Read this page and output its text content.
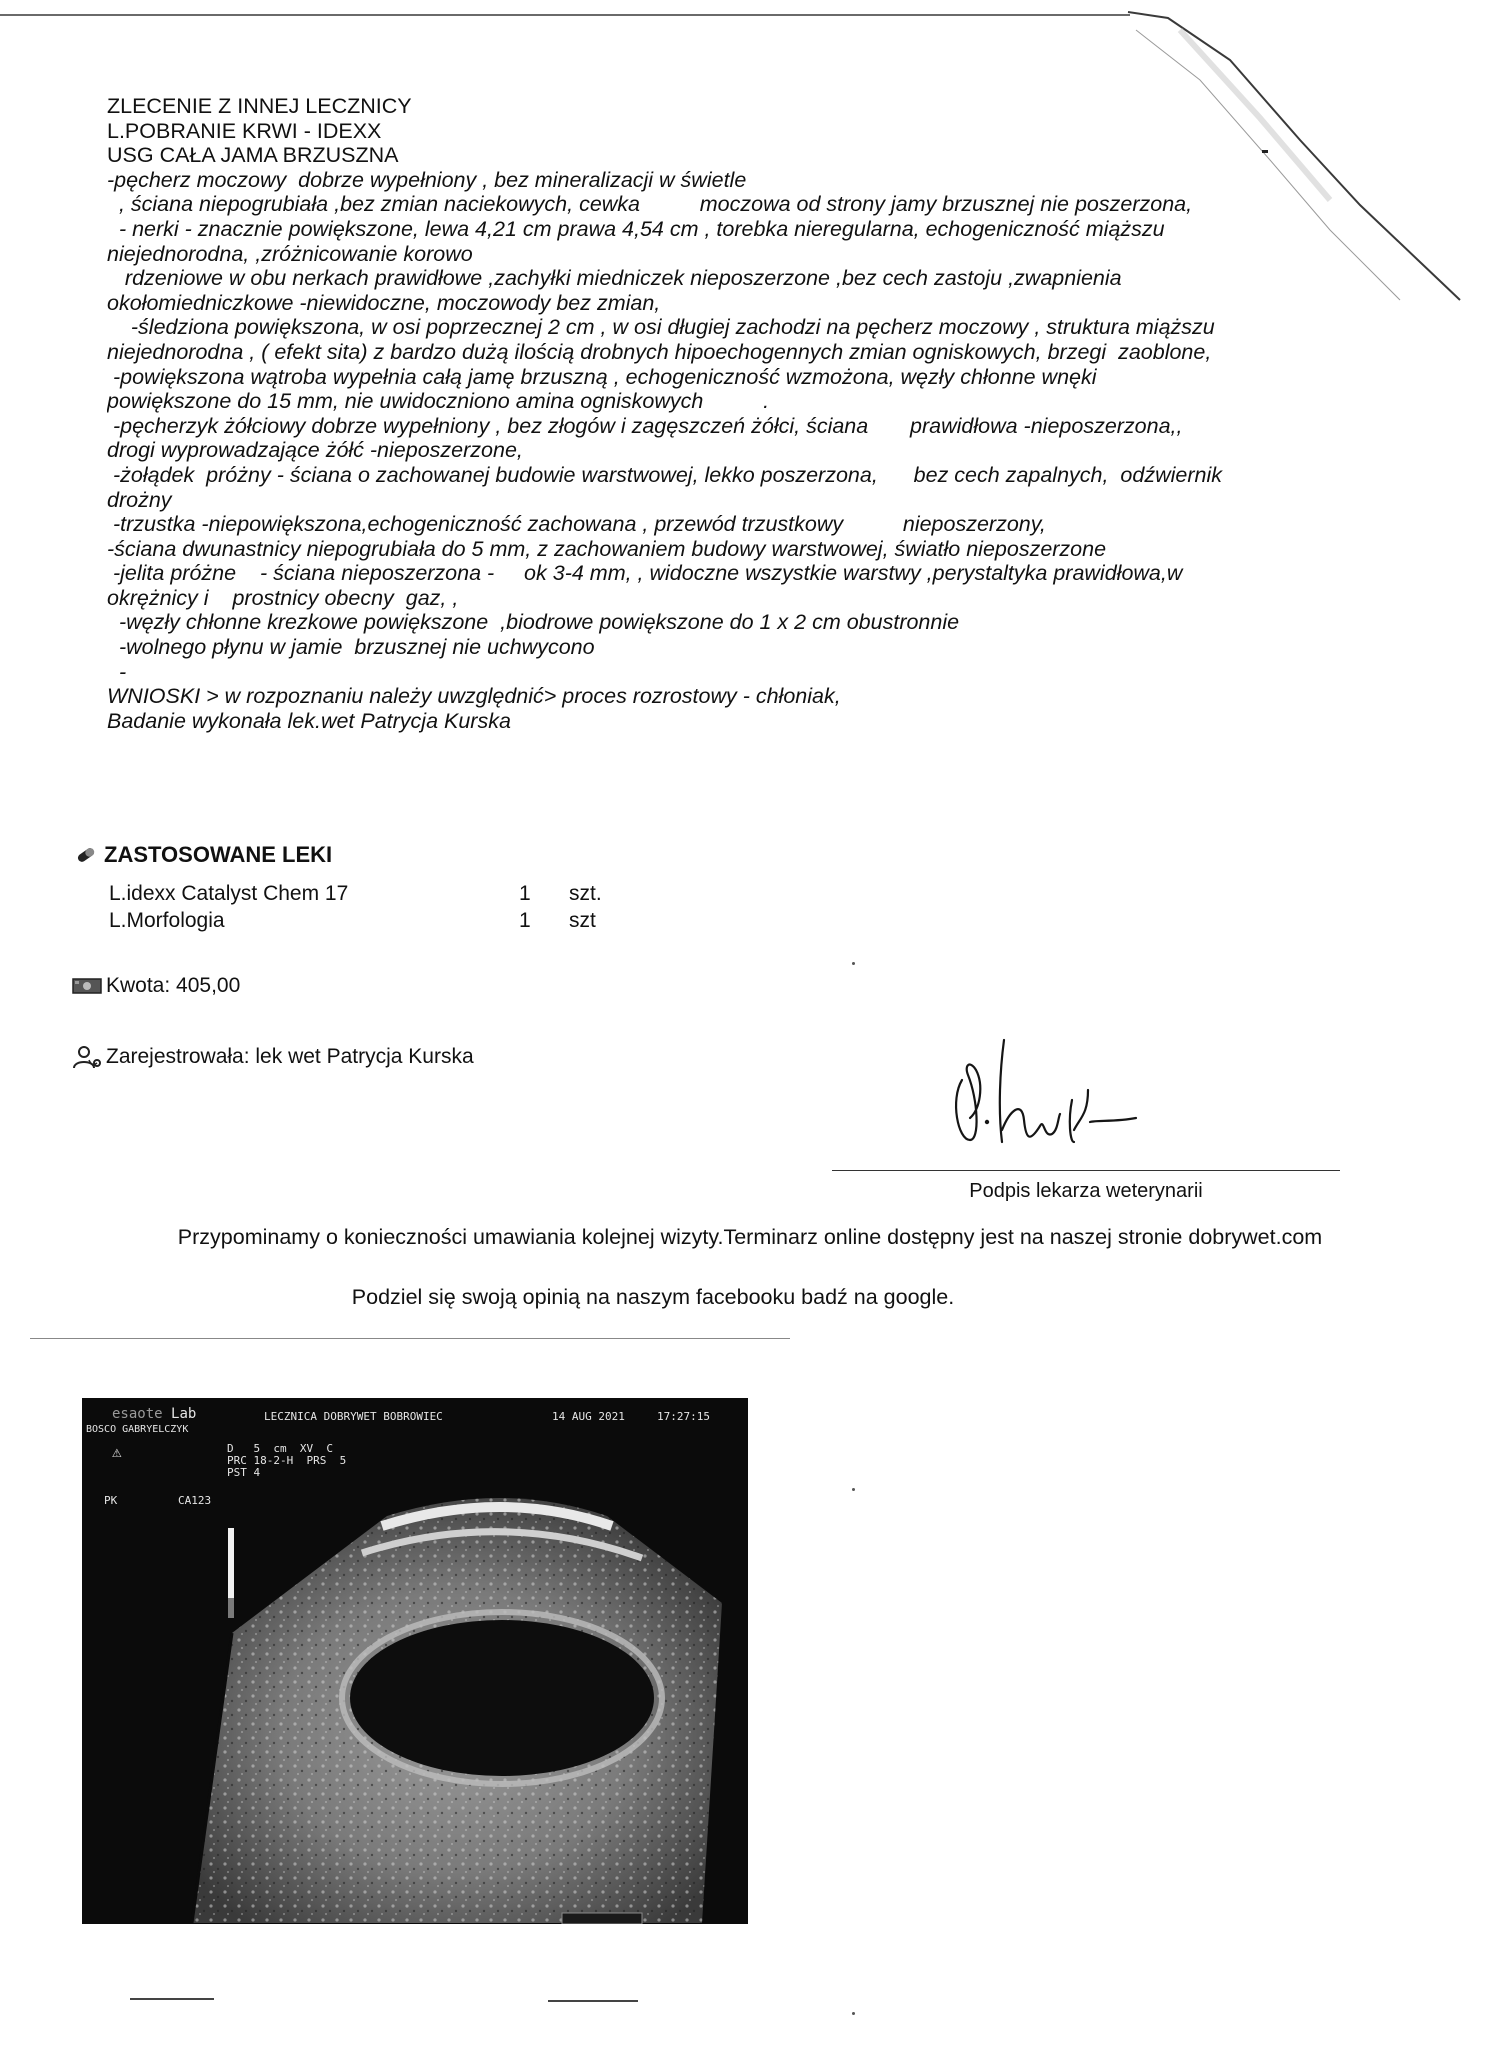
ZLECENIE Z INNEJ LECZNICY
L.POBRANIE KRWI - IDEXX
USG CAŁA JAMA BRZUSZNA
-pęcherz moczowy  dobrze wypełniony , bez mineralizacji w świetle
, ściana niepogrubiała ,bez zmian naciekowych, cewka          moczowa od strony jamy brzusznej nie poszerzona,
- nerki - znacznie powiększone, lewa 4,21 cm prawa 4,54 cm , torebka nieregularna, echogeniczność miąższu
niejednorodna, ,zróżnicowanie korowo
rdzeniowe w obu nerkach prawidłowe ,zachyłki miedniczek nieposzerzone ,bez cech zastoju ,zwapnienia
okołomiedniczkowe -niewidoczne, moczowody bez zmian,
-śledziona powiększona, w osi poprzecznej 2 cm , w osi długiej zachodzi na pęcherz moczowy , struktura miąższu
niejednorodna , ( efekt sita) z bardzo dużą ilością drobnych hipoechogennych zmian ogniskowych, brzegi  zaoblone,
-powiększona wątroba wypełnia całą jamę brzuszną , echogeniczność wzmożona, węzły chłonne wnęki
powiększone do 15 mm, nie uwidoczniono amina ogniskowych          .
-pęcherzyk żółciowy dobrze wypełniony , bez złogów i zagęszczeń żółci, ściana       prawidłowa -nieposzerzona,,
drogi wyprowadzające żółć -nieposzerzone,
-żołądek  próżny - ściana o zachowanej budowie warstwowej, lekko poszerzona,      bez cech zapalnych,  odźwiernik
drożny
-trzustka -niepowiększona,echogeniczność zachowana , przewód trzustkowy          nieposzerzony,
-ściana dwunastnicy niepogrubiała do 5 mm, z zachowaniem budowy warstwowej, światło nieposzerzone
-jelita próżne    - ściana nieposzerzona -     ok 3-4 mm, , widoczne wszystkie warstwy ,perystaltyka prawidłowa,w
okrężnicy i    prostnicy obecny  gaz, ,
-węzły chłonne krezkowe powiększone  ,biodrowe powiększone do 1 x 2 cm obustronnie
-wolnego płynu w jamie  brzusznej nie uchwycono
-
WNIOSKI > w rozpoznaniu należy uwzględnić> proces rozrostowy - chłoniak,
Badanie wykonała lek.wet Patrycja Kurska
ZASTOSOWANE LEKI
L.idexx Catalyst Chem 17	1	szt.
L.Morfologia	1	szt
Kwota: 405,00
Zarejestrowała: lek wet Patrycja Kurska
Podpis lekarza weterynarii
Przypominamy o konieczności umawiania kolejnej wizyty.Terminarz online dostępny jest na naszej stronie dobrywet.com
Podziel się swoją opinią na naszym facebooku badź na google.
esaote Lab	LECZNICA DOBRYWET BOBROWIEC	14 AUG 2021	17:27:15
BOSCO GABRYELCZYK
D   5  cm  XV  C
PRC 18-2-H  PRS  5
PST 4
⚠
PK	CA123
